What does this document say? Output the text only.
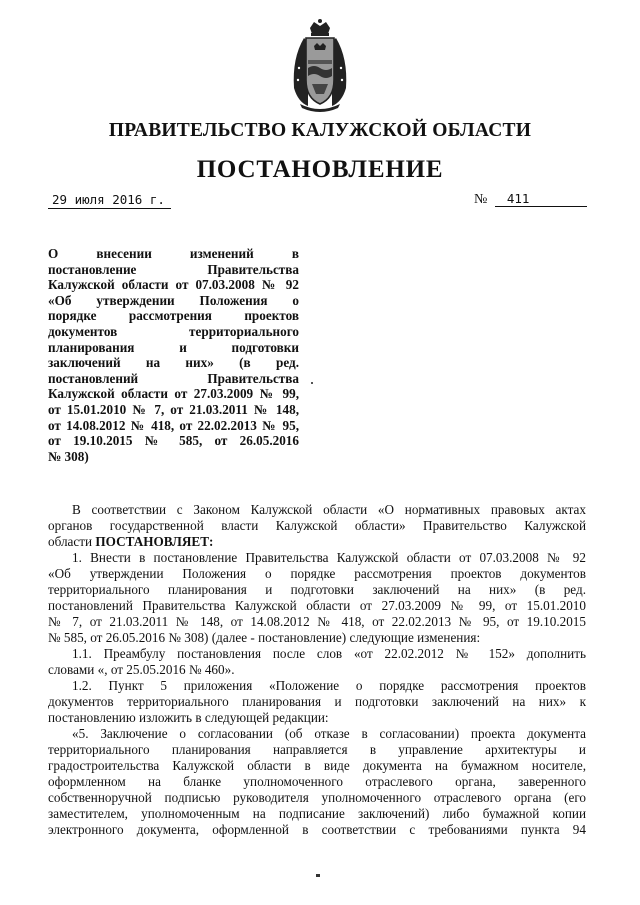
ПРАВИТЕЛЬСТВО КАЛУЖСКОЙ ОБЛАСТИ
ПОСТАНОВЛЕНИЕ
29 июля 2016 г.	№ 411
О внесении изменений в
постановление Правительства
Калужской области от 07.03.2008 № 92
«Об утверждении Положения о
порядке рассмотрения проектов
документов территориального
планирования и подготовки
заключений на них» (в ред.
постановлений Правительства
Калужской области от 27.03.2009 № 99,
от 15.01.2010 № 7, от 21.03.2011 № 148,
от 14.08.2012 № 418, от 22.02.2013 № 95,
от 19.10.2015 № 585, от 26.05.2016
№ 308)
В соответствии с Законом Калужской области «О нормативных правовых актах
органов государственной власти Калужской области» Правительство Калужской
области ПОСТАНОВЛЯЕТ:
1. Внести в постановление Правительства Калужской области от 07.03.2008 № 92
«Об утверждении Положения о порядке рассмотрения проектов документов
территориального планирования и подготовки заключений на них» (в ред.
постановлений Правительства Калужской области от 27.03.2009 № 99, от 15.01.2010
№ 7, от 21.03.2011 № 148, от 14.08.2012 № 418, от 22.02.2013 № 95, от 19.10.2015
№ 585, от 26.05.2016 № 308) (далее - постановление) следующие изменения:
1.1. Преамбулу постановления после слов «от 22.02.2012 № 152» дополнить
словами «, от 25.05.2016 № 460».
1.2. Пункт 5 приложения «Положение о порядке рассмотрения проектов
документов территориального планирования и подготовки заключений на них» к
постановлению изложить в следующей редакции:
«5. Заключение о согласовании (об отказе в согласовании) проекта документа
территориального планирования направляется в управление архитектуры и
градостроительства Калужской области в виде документа на бумажном носителе,
оформленном на бланке уполномоченного отраслевого органа, заверенного
собственноручной подписью руководителя уполномоченного отраслевого органа (его
заместителем, уполномоченным на подписание заключений) либо бумажной копии
электронного документа, оформленной в соответствии с требованиями пункта 94
